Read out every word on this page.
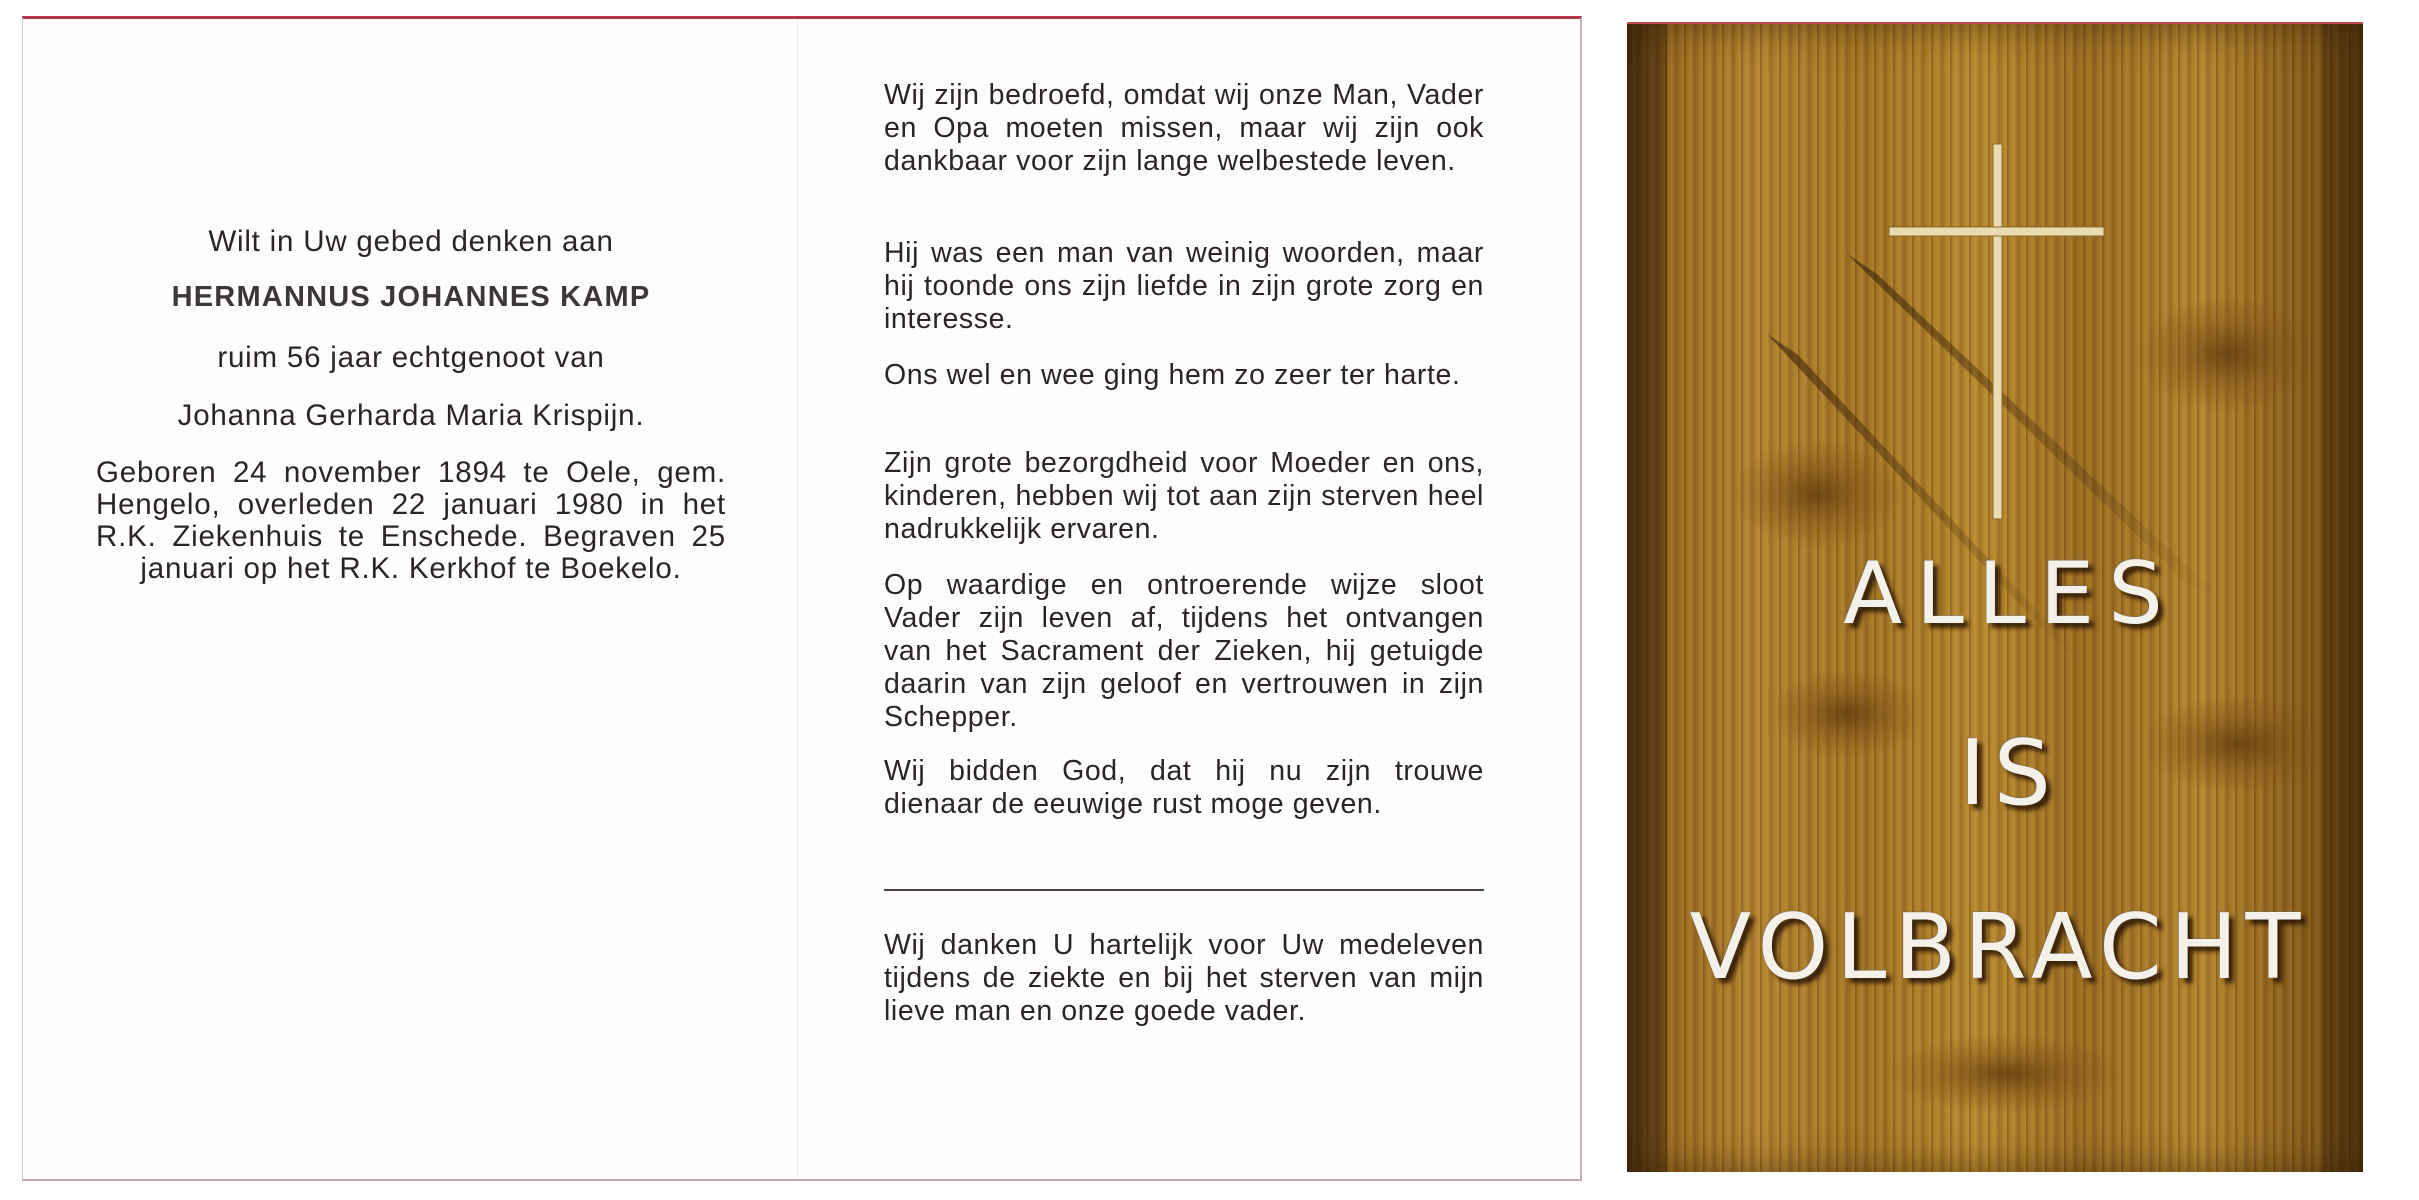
Wilt in Uw gebed denken aan
HERMANNUS JOHANNES KAMP
ruim 56 jaar echtgenoot van
Johanna Gerharda Maria Krispijn.
Geboren 24 november 1894 te Oele, gem. Hengelo, overleden 22 januari 1980 in het R.K. Ziekenhuis te Enschede. Begraven 25 januari op het R.K. Kerkhof te Boekelo.

Wij zijn bedroefd, omdat wij onze Man, Vader en Opa moeten missen, maar wij zijn ook dankbaar voor zijn lange welbestede leven.

Hij was een man van weinig woorden, maar hij toonde ons zijn liefde in zijn grote zorg en interesse.

Ons wel en wee ging hem zo zeer ter harte.

Zijn grote bezorgdheid voor Moeder en ons, kinderen, hebben wij tot aan zijn sterven heel nadrukkelijk ervaren.

Op waardige en ontroerende wijze sloot Vader zijn leven af, tijdens het ontvangen van het Sacrament der Zieken, hij getuigde daarin van zijn geloof en vertrouwen in zijn Schepper.

Wij bidden God, dat hij nu zijn trouwe dienaar de eeuwige rust moge geven.

Wij danken U hartelijk voor Uw medeleven tijdens de ziekte en bij het sterven van mijn lieve man en onze goede vader.

ALLES
IS
VOLBRACHT
